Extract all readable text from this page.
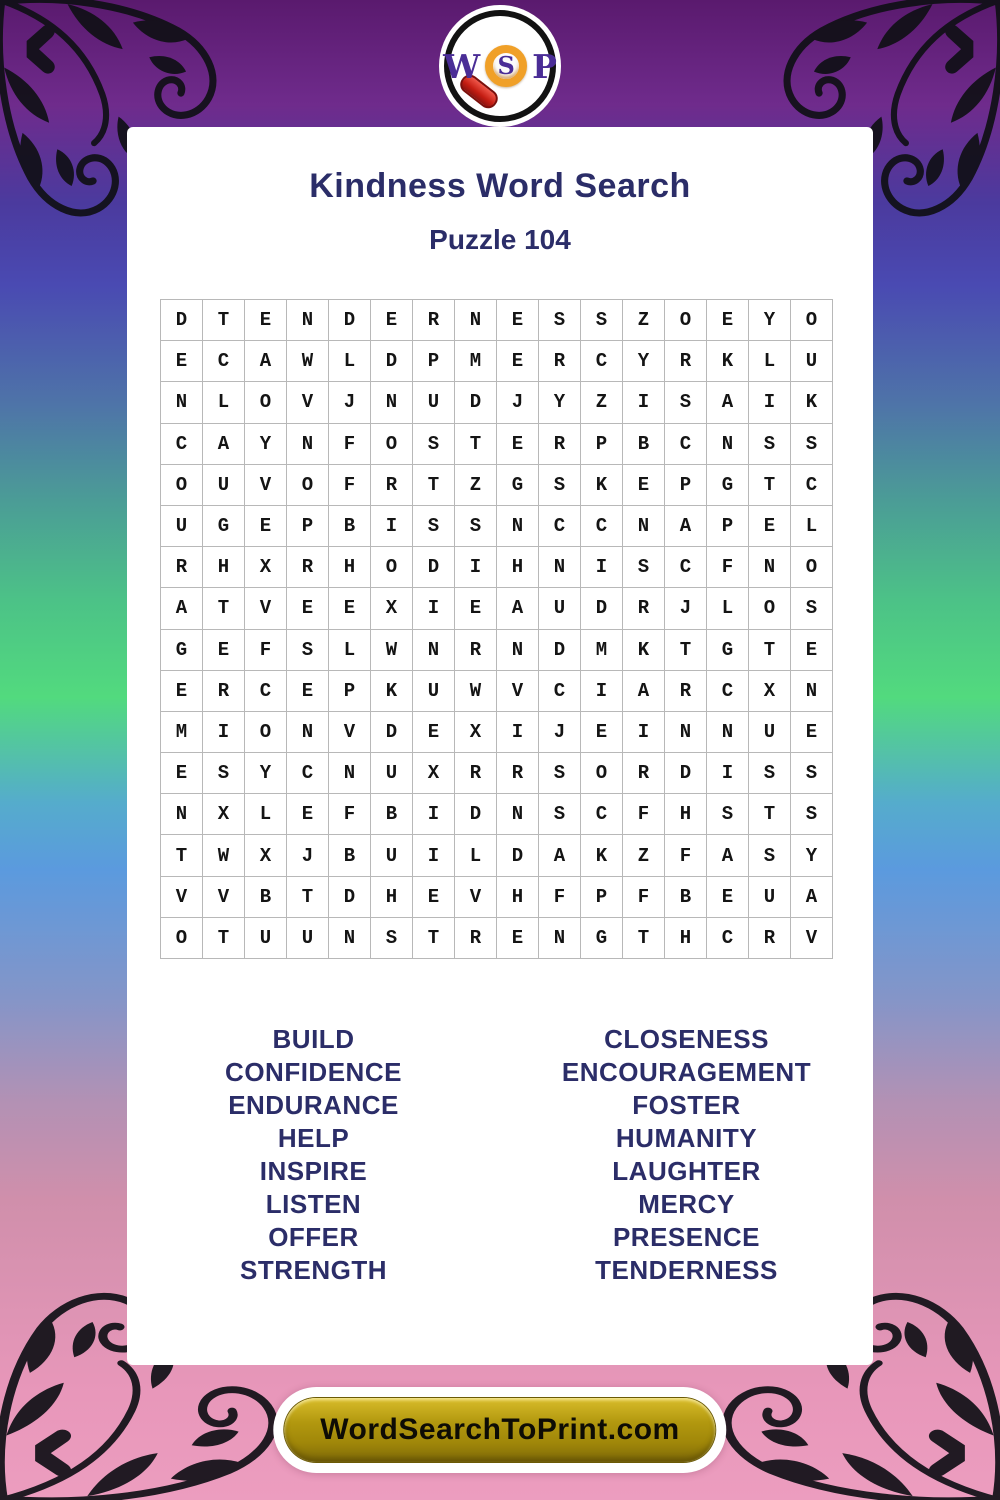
W S P
Kindness Word Search
Puzzle 104
D	T	E	N	D	E	R	N	E	S	S	Z	O	E	Y	O
E	C	A	W	L	D	P	M	E	R	C	Y	R	K	L	U
N	L	O	V	J	N	U	D	J	Y	Z	I	S	A	I	K
C	A	Y	N	F	O	S	T	E	R	P	B	C	N	S	S
O	U	V	O	F	R	T	Z	G	S	K	E	P	G	T	C
U	G	E	P	B	I	S	S	N	C	C	N	A	P	E	L
R	H	X	R	H	O	D	I	H	N	I	S	C	F	N	O
A	T	V	E	E	X	I	E	A	U	D	R	J	L	O	S
G	E	F	S	L	W	N	R	N	D	M	K	T	G	T	E
E	R	C	E	P	K	U	W	V	C	I	A	R	C	X	N
M	I	O	N	V	D	E	X	I	J	E	I	N	N	U	E
E	S	Y	C	N	U	X	R	R	S	O	R	D	I	S	S
N	X	L	E	F	B	I	D	N	S	C	F	H	S	T	S
T	W	X	J	B	U	I	L	D	A	K	Z	F	A	S	Y
V	V	B	T	D	H	E	V	H	F	P	F	B	E	U	A
O	T	U	U	N	S	T	R	E	N	G	T	H	C	R	V
BUILD
CONFIDENCE
ENDURANCE
HELP
INSPIRE
LISTEN
OFFER
STRENGTH
CLOSENESS
ENCOURAGEMENT
FOSTER
HUMANITY
LAUGHTER
MERCY
PRESENCE
TENDERNESS
WordSearchToPrint.com
